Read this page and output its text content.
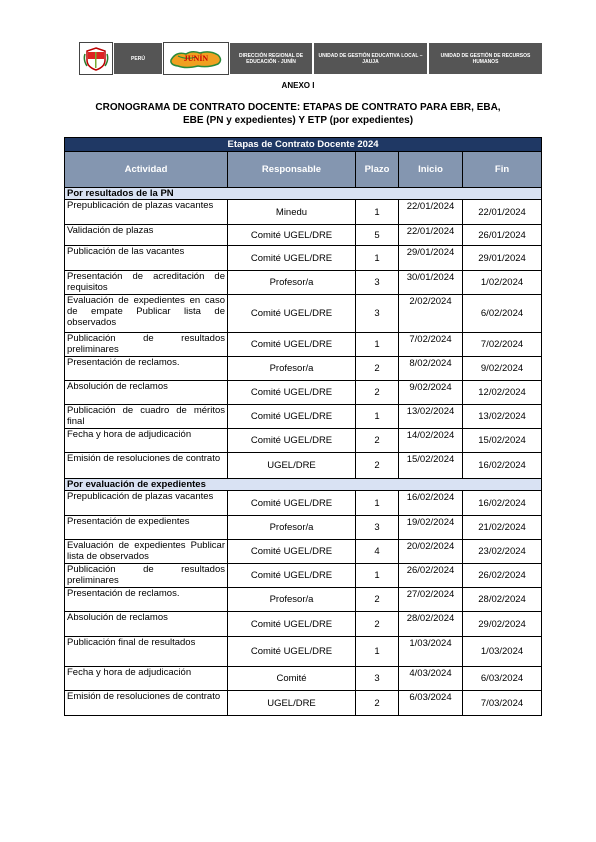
PERÚ	JUNÍN	DIRECCIÓN REGIONAL DE EDUCACIÓN - JUNÍN
UNIDAD DE GESTIÓN EDUCATIVA LOCAL – JAUJA
UNIDAD DE GESTIÓN DE RECURSOS HUMANOS
ANEXO I
CRONOGRAMA DE CONTRATO DOCENTE: ETAPAS DE CONTRATO PARA EBR, EBA,
EBE (PN y expedientes) Y ETP (por expedientes)
Etapas de Contrato Docente 2024				
Actividad	Responsable	Plazo	Inicio	Fin
Por resultados de la PN				
Prepublicación de plazas vacantes	Minedu	1	22/01/2024	22/01/2024
Validación de plazas	Comité UGEL/DRE	5	22/01/2024	26/01/2024
Publicación de las vacantes	Comité UGEL/DRE	1	29/01/2024	29/01/2024
Presentación de acreditación de requisitos	Profesor/a	3	30/01/2024	1/02/2024
Evaluación de expedientes en caso de empate Publicar lista de observados	Comité UGEL/DRE	3	2/02/2024	6/02/2024
Publicación de resultados preliminares	Comité UGEL/DRE	1	7/02/2024	7/02/2024
Presentación de reclamos.	Profesor/a	2	8/02/2024	9/02/2024
Absolución de reclamos	Comité UGEL/DRE	2	9/02/2024	12/02/2024
Publicación de cuadro de méritos final	Comité UGEL/DRE	1	13/02/2024	13/02/2024
Fecha y hora de adjudicación	Comité UGEL/DRE	2	14/02/2024	15/02/2024
Emisión de resoluciones de contrato	UGEL/DRE	2	15/02/2024	16/02/2024
Por evaluación de expedientes				
Prepublicación de plazas vacantes	Comité UGEL/DRE	1	16/02/2024	16/02/2024
Presentación de expedientes	Profesor/a	3	19/02/2024	21/02/2024
Evaluación de expedientes Publicar lista de observados	Comité UGEL/DRE	4	20/02/2024	23/02/2024
Publicación de resultados preliminares	Comité UGEL/DRE	1	26/02/2024	26/02/2024
Presentación de reclamos.	Profesor/a	2	27/02/2024	28/02/2024
Absolución de reclamos	Comité UGEL/DRE	2	28/02/2024	29/02/2024
Publicación final de resultados	Comité UGEL/DRE	1	1/03/2024	1/03/2024
Fecha y hora de adjudicación	Comité	3	4/03/2024	6/03/2024
Emisión de resoluciones de contrato	UGEL/DRE	2	6/03/2024	7/03/2024
